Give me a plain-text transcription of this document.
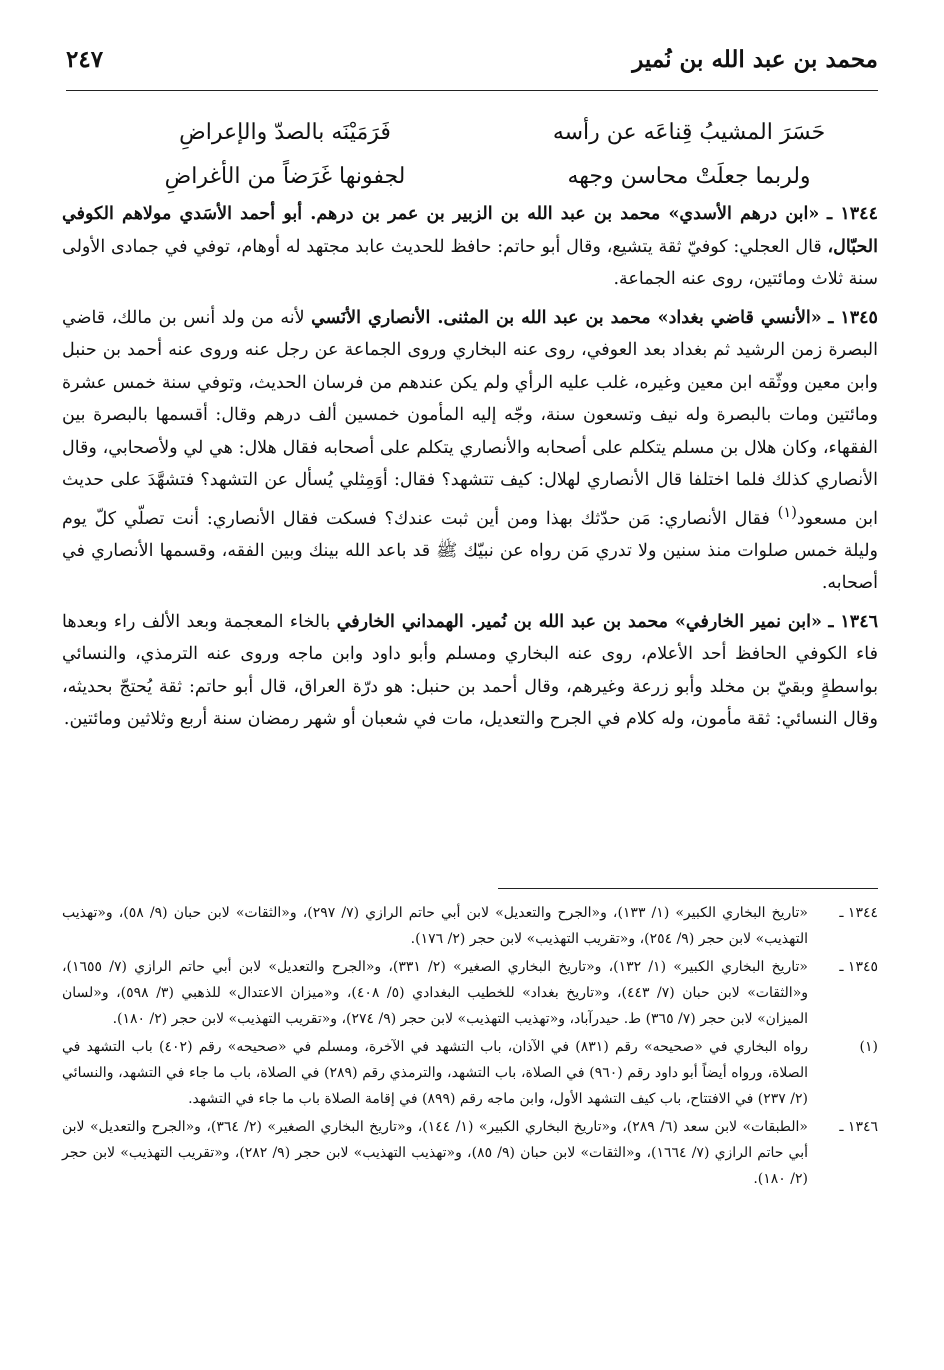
محمد بن عبد الله بن نُمير
٢٤٧
حَسَرَ المشيبُ قِناعَه عن رأسه
فَرَمَيْنَه بالصدّ والإعراضِ
ولربما جعلَتْ محاسن وجهه
لجفونها غَرَضاً من الأغراضِ

١٣٤٤ ـ «ابن درهم الأسدي» محمد بن عبد الله بن الزبير بن عمر بن درهم. أبو أحمد الأسَدي مولاهم الكوفي الحبّال، قال العجلي: كوفيّ ثقة يتشيع، وقال أبو حاتم: حافظ للحديث عابد مجتهد له أوهام، توفي في جمادى الأولى سنة ثلاث ومائتين، روى عنه الجماعة.

١٣٤٥ ـ «الأنسي قاضي بغداد» محمد بن عبد الله بن المثنى. الأنصاري الأنَسي لأنه من ولد أنس بن مالك، قاضي البصرة زمن الرشيد ثم بغداد بعد العوفي، روى عنه البخاري وروى الجماعة عن رجل عنه وروى عنه أحمد بن حنبل وابن معين ووثّقه ابن معين وغيره، غلب عليه الرأي ولم يكن عندهم من فرسان الحديث، وتوفي سنة خمس عشرة ومائتين ومات بالبصرة وله نيف وتسعون سنة، وجّه إليه المأمون خمسين ألف درهم وقال: أقسمها بالبصرة بين الفقهاء، وكان هلال بن مسلم يتكلم على أصحابه والأنصاري يتكلم على أصحابه فقال هلال: هي لي ولأصحابي، وقال الأنصاري كذلك فلما اختلفا قال الأنصاري لهلال: كيف تتشهد؟ فقال: أوَمِثلي يُسأل عن التشهد؟ فتشهَّدَ على حديث ابن مسعود$^{(١)}$ فقال الأنصاري: مَن حدّثك بهذا ومن أين ثبت عندك؟ فسكت فقال الأنصاري: أنت تصلّي كلّ يوم وليلة خمس صلوات منذ سنين ولا تدري مَن رواه عن نبيّك ﷺ قد باعد الله بينك وبين الفقه، وقسمها الأنصاري في أصحابه.

١٣٤٦ ـ «ابن نمير الخارفي» محمد بن عبد الله بن نُمير. الهمداني الخارفي بالخاء المعجمة وبعد الألف راء وبعدها فاء الكوفي الحافظ أحد الأعلام، روى عنه البخاري ومسلم وأبو داود وابن ماجه وروى عنه الترمذي، والنسائي بواسطةٍ وبقيّ بن مخلد وأبو زرعة وغيرهم، وقال أحمد بن حنبل: هو درّة العراق، قال أبو حاتم: ثقة يُحتجّ بحديثه، وقال النسائي: ثقة مأمون، وله كلام في الجرح والتعديل، مات في شعبان أو شهر رمضان سنة أربع وثلاثين ومائتين.

١٣٤٤ ـ
«تاريخ البخاري الكبير» (١/ ١٣٣)، و«الجرح والتعديل» لابن أبي حاتم الرازي (٧/ ٢٩٧)، و«الثقات» لابن حبان (٩/ ٥٨)، و«تهذيب التهذيب» لابن حجر (٩/ ٢٥٤)، و«تقريب التهذيب» لابن حجر (٢/ ١٧٦).
١٣٤٥ ـ
«تاريخ البخاري الكبير» (١/ ١٣٢)، و«تاريخ البخاري الصغير» (٢/ ٣٣١)، و«الجرح والتعديل» لابن أبي حاتم الرازي (٧/ ١٦٥٥)، و«الثقات» لابن حبان (٧/ ٤٤٣)، و«تاريخ بغداد» للخطيب البغدادي (٥/ ٤٠٨)، و«ميزان الاعتدال» للذهبي (٣/ ٥٩٨)، و«لسان الميزان» لابن حجر (٧/ ٣٦٥) ط. حيدرآباد، و«تهذيب التهذيب» لابن حجر (٩/ ٢٧٤)، و«تقريب التهذيب» لابن حجر (٢/ ١٨٠).
(١)
رواه البخاري في «صحيحه» رقم (٨٣١) في الآذان، باب التشهد في الآخرة، ومسلم في «صحيحه» رقم (٤٠٢) باب التشهد في الصلاة، ورواه أيضاً أبو داود رقم (٩٦٠) في الصلاة، باب التشهد، والترمذي رقم (٢٨٩) في الصلاة، باب ما جاء في التشهد، والنسائي (٢/ ٢٣٧) في الافتتاح، باب كيف التشهد الأول، وابن ماجه رقم (٨٩٩) في إقامة الصلاة باب ما جاء في التشهد.
١٣٤٦ ـ
«الطبقات» لابن سعد (٦/ ٢٨٩)، و«تاريخ البخاري الكبير» (١/ ١٤٤)، و«تاريخ البخاري الصغير» (٢/ ٣٦٤)، و«الجرح والتعديل» لابن أبي حاتم الرازي (٧/ ١٦٦٤)، و«الثقات» لابن حبان (٩/ ٨٥)، و«تهذيب التهذيب» لابن حجر (٩/ ٢٨٢)، و«تقريب التهذيب» لابن حجر (٢/ ١٨٠).
